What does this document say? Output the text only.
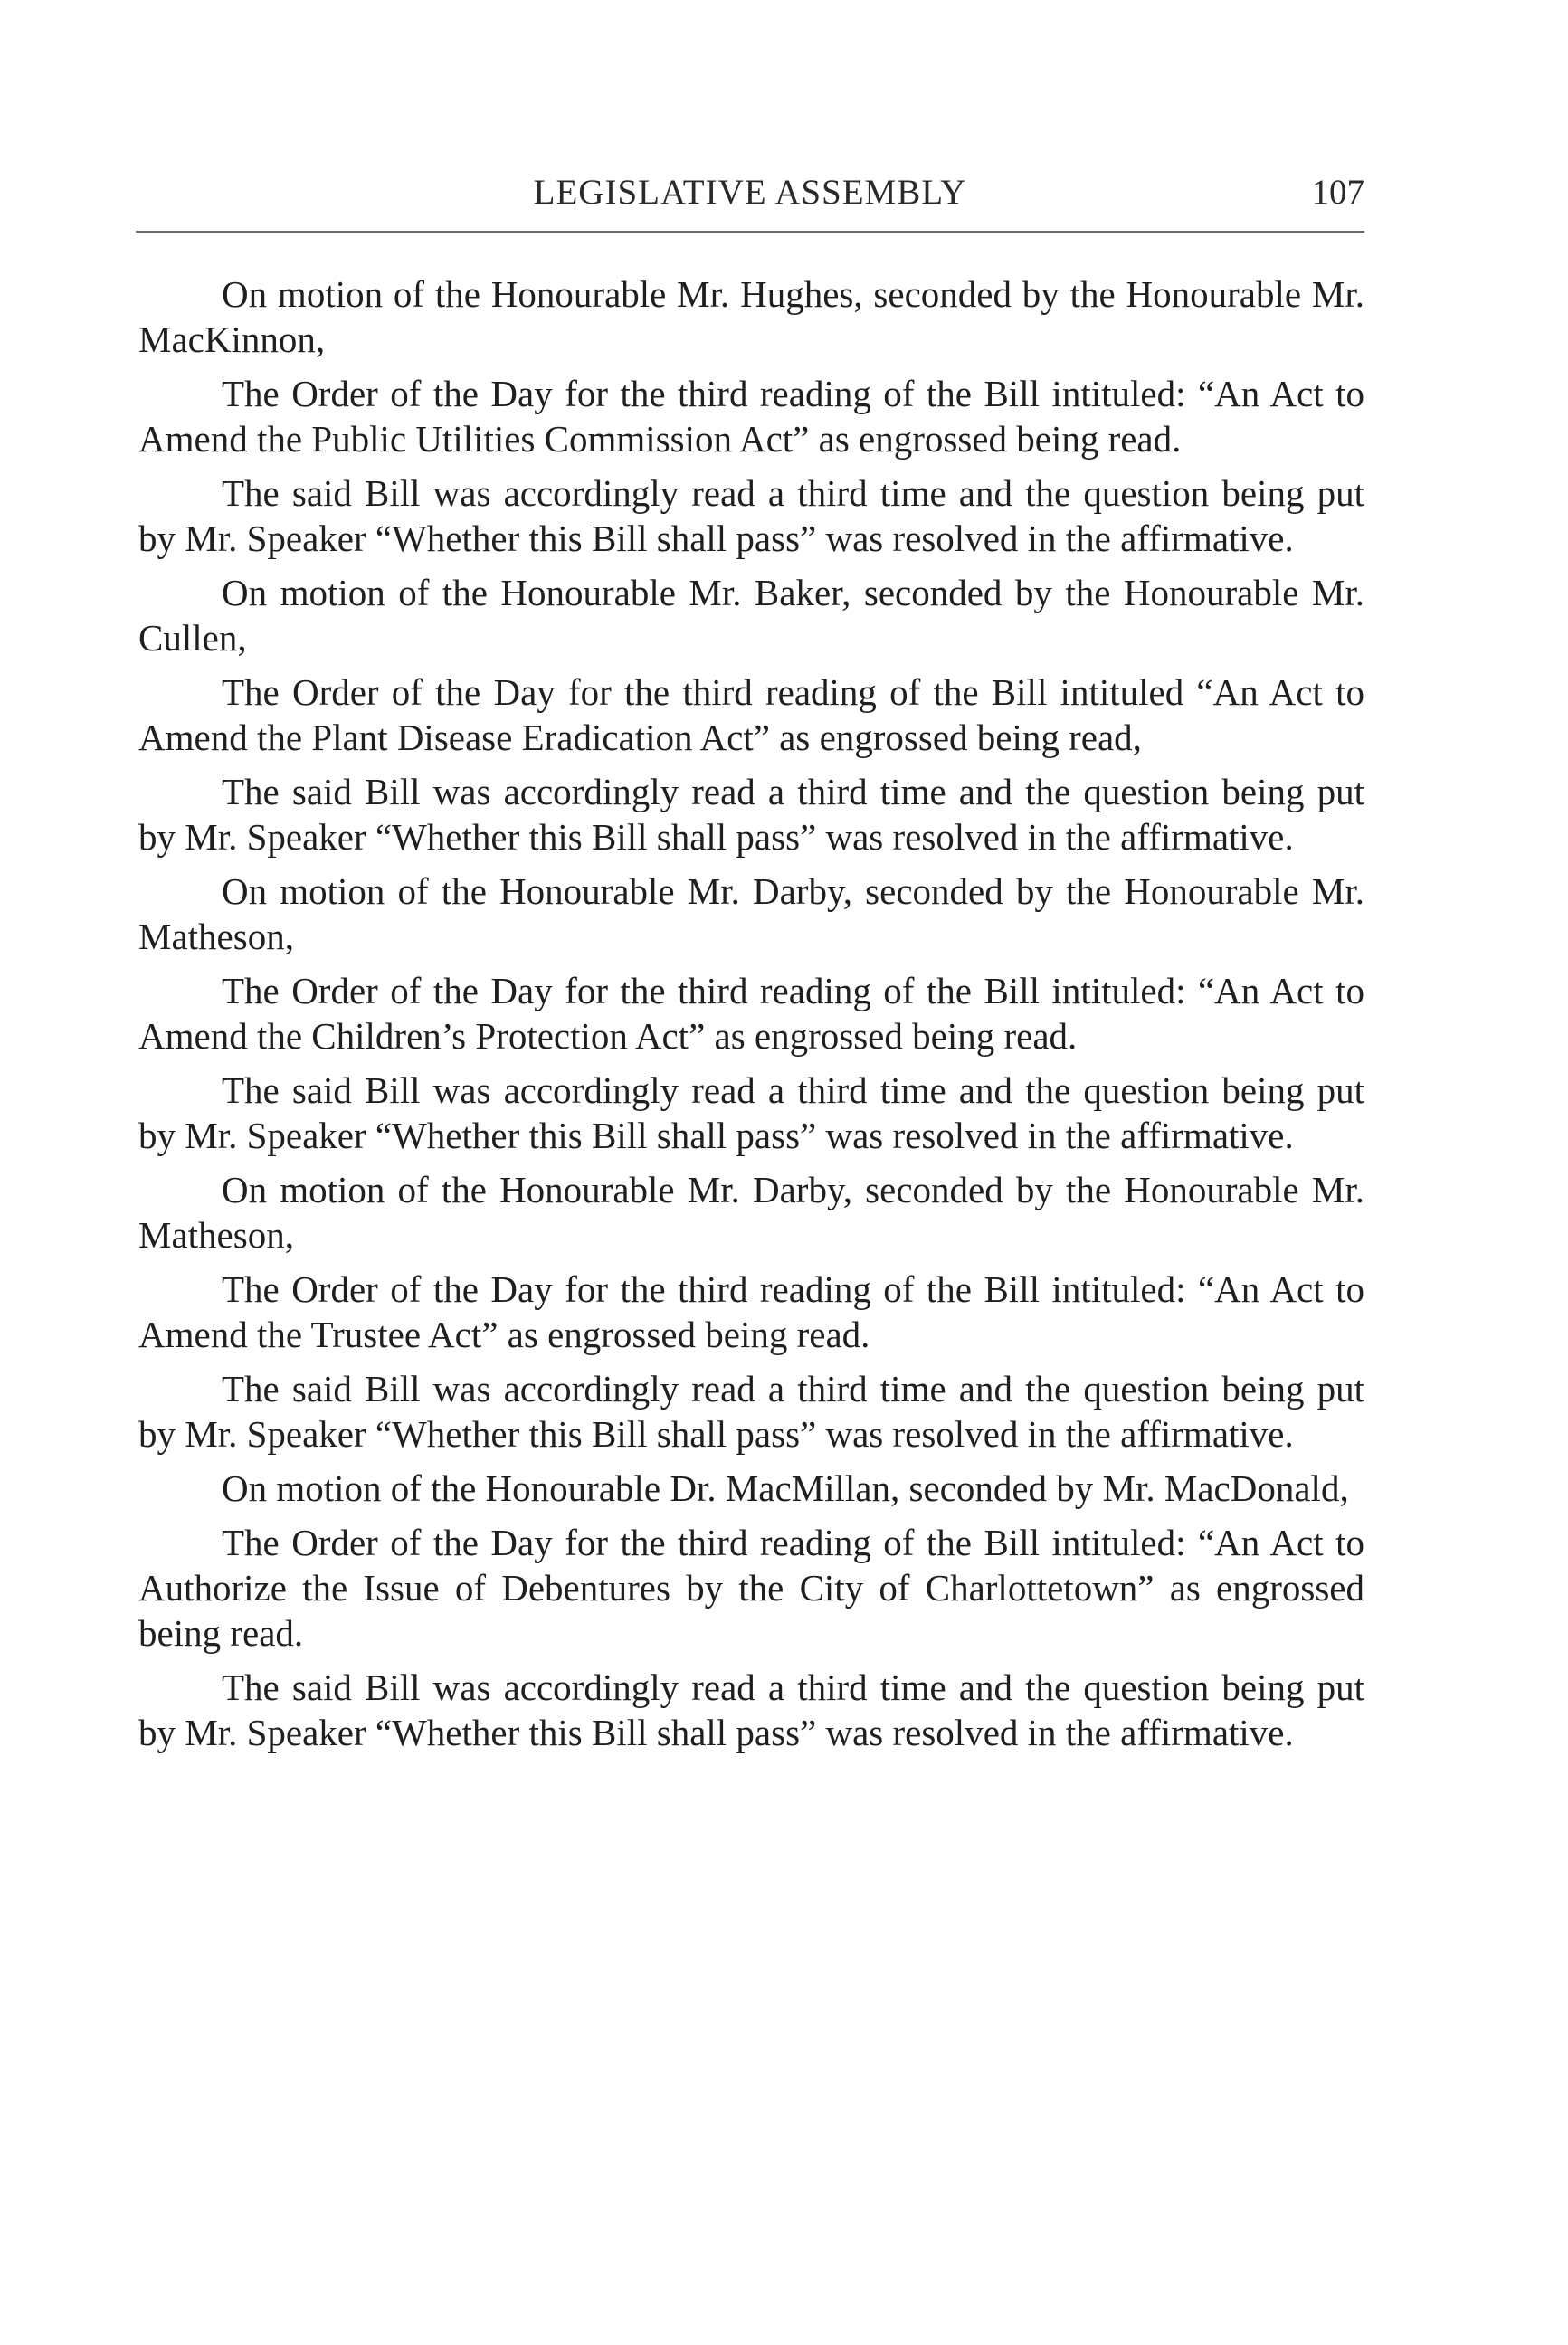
LEGISLATIVE ASSEMBLY	107

On motion of the Honourable Mr. Hughes, seconded by the Honourable Mr. MacKinnon,

The Order of the Day for the third reading of the Bill intituled: “An Act to Amend the Public Utilities Commission Act” as engrossed being read.

The said Bill was accordingly read a third time and the question being put by Mr. Speaker “Whether this Bill shall pass” was resolved in the affirmative.

On motion of the Honourable Mr. Baker, seconded by the Honourable Mr. Cullen,

The Order of the Day for the third reading of the Bill intituled “An Act to Amend the Plant Disease Eradication Act” as engrossed being read,

The said Bill was accordingly read a third time and the question being put by Mr. Speaker “Whether this Bill shall pass” was resolved in the affirmative.

On motion of the Honourable Mr. Darby, seconded by the Honourable Mr. Matheson,

The Order of the Day for the third reading of the Bill intituled: “An Act to Amend the Children’s Protection Act” as engrossed being read.

The said Bill was accordingly read a third time and the question being put by Mr. Speaker “Whether this Bill shall pass” was resolved in the affirmative.

On motion of the Honourable Mr. Darby, seconded by the Honourable Mr. Matheson,

The Order of the Day for the third reading of the Bill intituled: “An Act to Amend the Trustee Act” as engrossed being read.

The said Bill was accordingly read a third time and the question being put by Mr. Speaker “Whether this Bill shall pass” was resolved in the affirmative.

On motion of the Honourable Dr. MacMillan, seconded by Mr. MacDonald,

The Order of the Day for the third reading of the Bill intituled: “An Act to Authorize the Issue of Debentures by the City of Charlottetown” as engrossed being read.

The said Bill was accordingly read a third time and the question being put by Mr. Speaker “Whether this Bill shall pass” was resolved in the affirmative.
